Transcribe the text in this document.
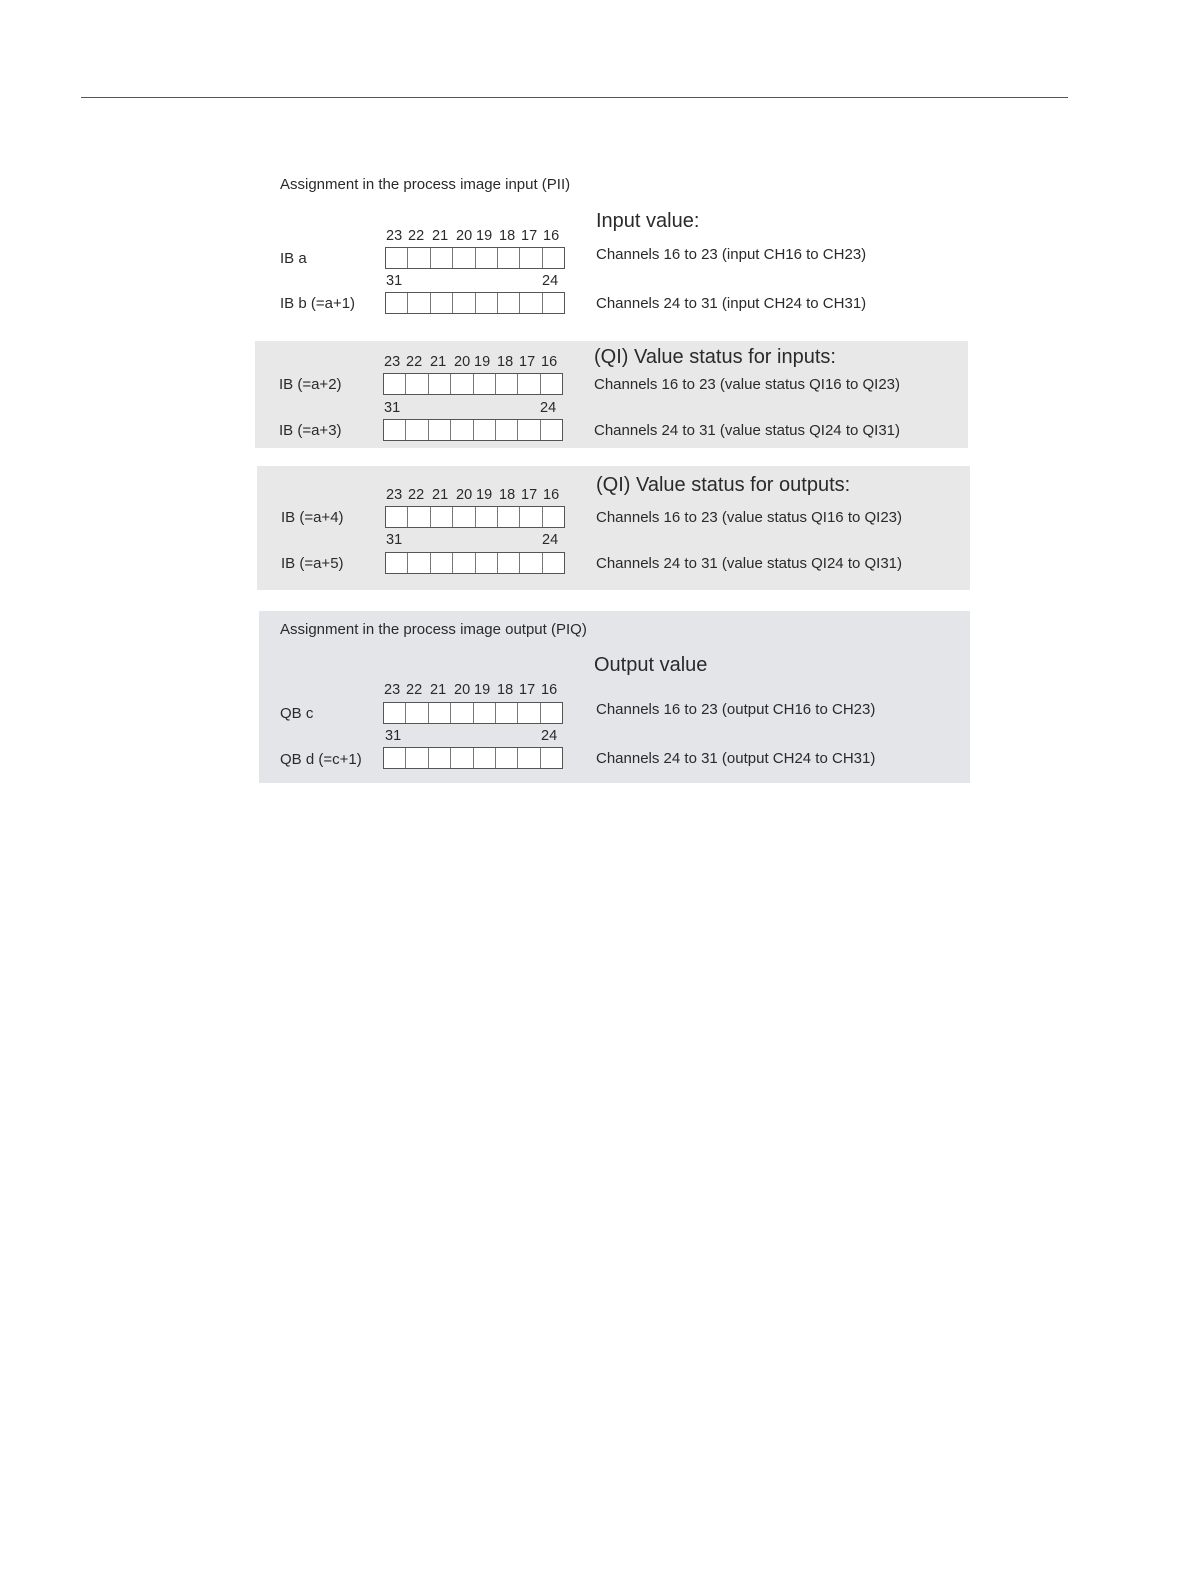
Assignment in the process image input (PII)
Input value:
23 22 21 20 19 18 17 16
IB a	Channels 16 to 23 (input CH16 to CH23)
31	24
IB b (=a+1)	Channels 24 to 31 (input CH24 to CH31)
(QI) Value status for inputs:
23 22 21 20 19 18 17 16
IB (=a+2)	Channels 16 to 23 (value status QI16 to QI23)
31	24
IB (=a+3)	Channels 24 to 31 (value status QI24 to QI31)
(QI) Value status for outputs:
23 22 21 20 19 18 17 16
IB (=a+4)	Channels 16 to 23 (value status QI16 to QI23)
31	24
IB (=a+5)	Channels 24 to 31 (value status QI24 to QI31)
Assignment in the process image output (PIQ)
Output value
23 22 21 20 19 18 17 16
QB c	Channels 16 to 23 (output CH16 to CH23)
31	24
QB d (=c+1)	Channels 24 to 31 (output CH24 to CH31)
